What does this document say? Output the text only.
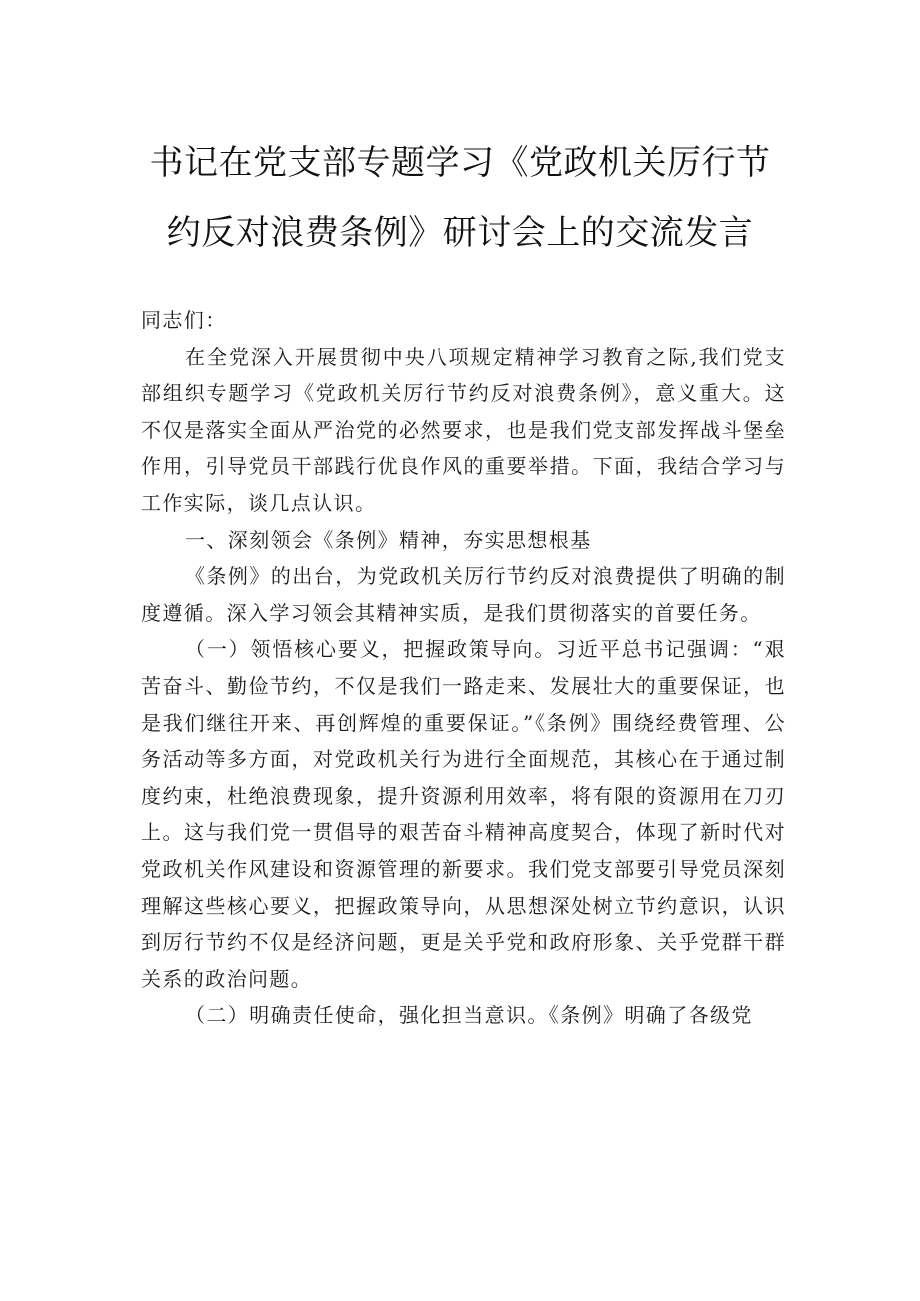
书记在党支部专题学习《党政机关厉行节
约反对浪费条例》研讨会上的交流发言

同志们：

在全党深入开展贯彻中央八项规定精神学习教育之际,我们党支部组织专题学习《党政机关厉行节约反对浪费条例》，意义重大。这不仅是落实全面从严治党的必然要求，也是我们党支部发挥战斗堡垒作用，引导党员干部践行优良作风的重要举措。下面，我结合学习与工作实际，谈几点认识。

一、深刻领会《条例》精神，夯实思想根基

《条例》的出台，为党政机关厉行节约反对浪费提供了明确的制度遵循。深入学习领会其精神实质，是我们贯彻落实的首要任务。

（一）领悟核心要义，把握政策导向。习近平总书记强调：“艰苦奋斗、勤俭节约，不仅是我们一路走来、发展壮大的重要保证，也是我们继往开来、再创辉煌的重要保证。”《条例》围绕经费管理、公务活动等多方面，对党政机关行为进行全面规范，其核心在于通过制度约束，杜绝浪费现象，提升资源利用效率，将有限的资源用在刀刃上。这与我们党一贯倡导的艰苦奋斗精神高度契合，体现了新时代对党政机关作风建设和资源管理的新要求。我们党支部要引导党员深刻理解这些核心要义，把握政策导向，从思想深处树立节约意识，认识到厉行节约不仅是经济问题，更是关乎党和政府形象、关乎党群干群关系的政治问题。

（二）明确责任使命，强化担当意识。《条例》明确了各级党
